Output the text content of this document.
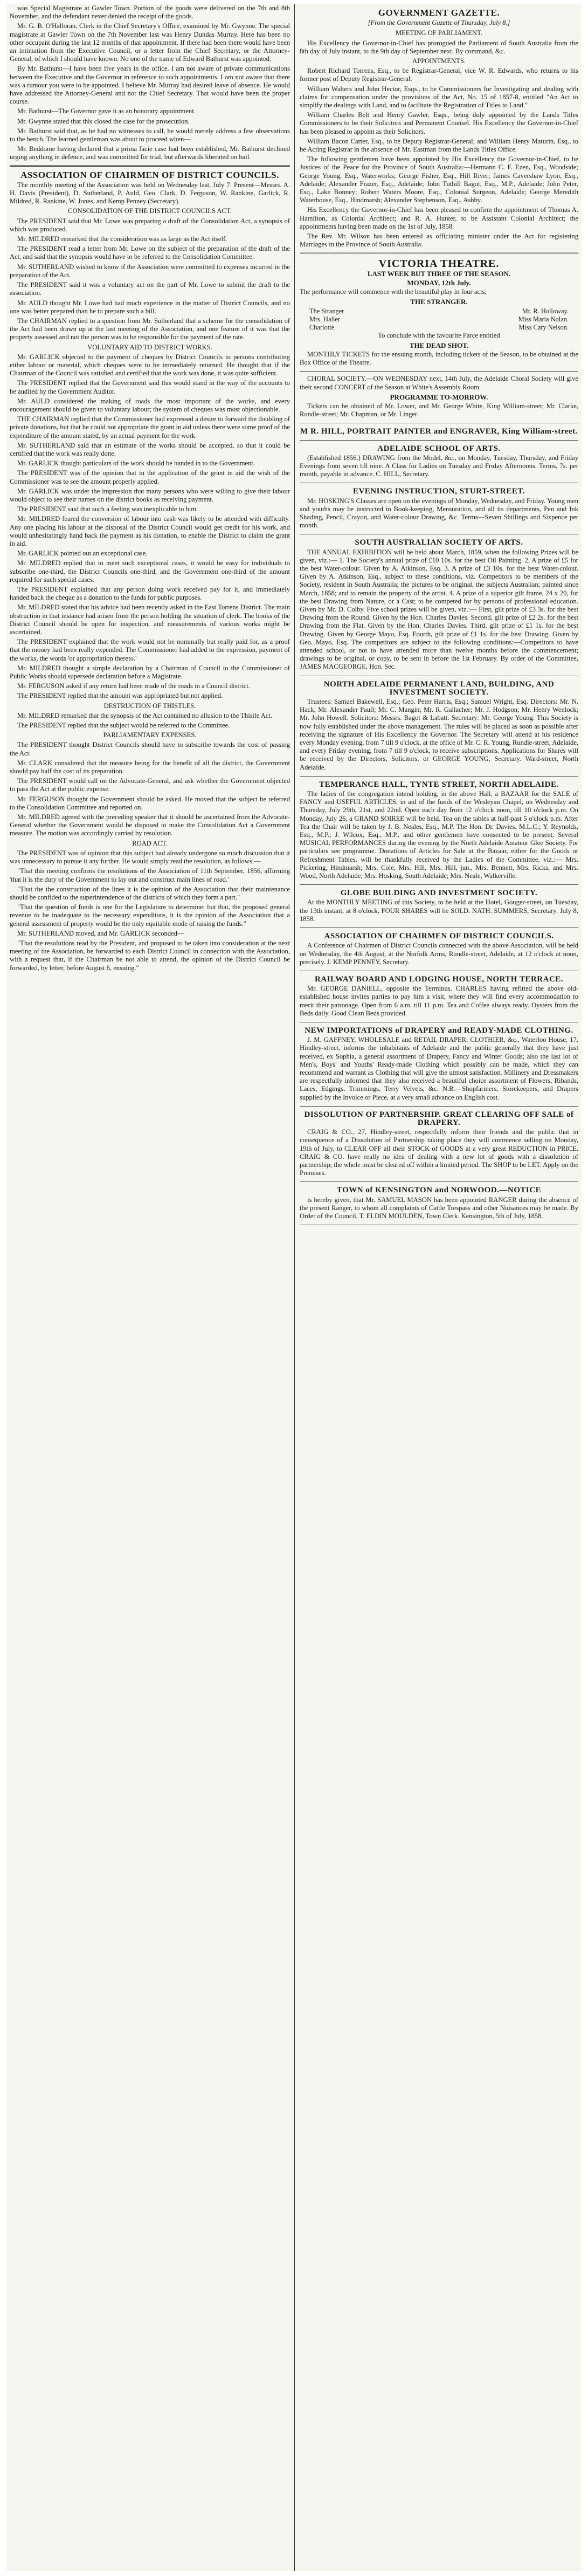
was Special Magistrate at Gawler Town. Portion of the goods were delivered on the 7th and 8th November, and the defendant never denied the receipt of the goods.

Mr. G. B. O'Halloran, Clerk in the Chief Secretary's Office, examined by Mr. Gwynne. The special magistrate at Gawler Town on the 7th November last was Henry Dundas Murray. Here has been no other occupant during the last 12 months of that appointment. If there had been there would have been an intimation from the Executive Council, or a letter from the Chief Secretary, or the Attorney-General, of which I should have known. No one of the name of Edward Bathurst was appointed.

By Mr. Bathurst—I have been five years in the office. I am not aware of private communications between the Executive and the Governor in reference to such appointments. I am not aware that there was a rumour you were to be appointed. I believe Mr. Murray had desired leave of absence. He would have addressed the Attorney-General and not the Chief Secretary. That would have been the proper course.

Mr. Bathurst—The Governor gave it as an honorary appointment.

Mr. Gwynne stated that this closed the case for the prosecution.

Mr. Bathurst said that, as he had no witnesses to call, he would merely address a few observations to the bench. The learned gentleman was about to proceed when—

Mr. Beddome having declared that a prima facie case had been established, Mr. Bathurst declined urging anything in defence, and was committed for trial, but afterwards liberated on bail.

ASSOCIATION OF CHAIRMEN OF DISTRICT COUNCILS.

The monthly meeting of the Association was held on Wednesday last, July 7. Present—Messrs. A. H. Davis (President), D. Sutherland, P. Auld, Geo. Clark, D. Ferguson, W. Rankine, Garlick, R. Mildred, R. Rankine, W. Jones, and Kemp Penney (Secretary).

CONSOLIDATION OF THE DISTRICT COUNCILS ACT.

The PRESIDENT said that Mr. Lowe was preparing a draft of the Consolidation Act, a synopsis of which was produced.

Mr. MILDRED remarked that the consideration was as large as the Act itself.

The PRESIDENT read a letter from Mr. Lowe on the subject of the preparation of the draft of the Act, and said that the synopsis would have to be referred to the Consolidation Committee.

Mr. SUTHERLAND wished to know if the Association were committed to expenses incurred in the preparation of the Act.

The PRESIDENT said it was a voluntary act on the part of Mr. Lowe to submit the draft to the association.

Mr. AULD thought Mr. Lowe had had much experience in the matter of District Councils, and no one was better prepared than he to prepare such a bill.

The CHAIRMAN replied to a question from Mr. Sutherland that a scheme for the consolidation of the Act had been drawn up at the last meeting of the Association, and one feature of it was that the property assessed and not the person was to be responsible for the payment of the rate.

VOLUNTARY AID TO DISTRICT WORKS.

Mr. GARLICK objected to the payment of cheques by District Councils to persons contributing either labour or material, which cheques were to be immediately returned. He thought that if the Chairman of the Council was satisfied and certified that the work was done, it was quite sufficient.

The PRESIDENT replied that the Government said this would stand in the way of the accounts to be audited by the Government Auditor.

Mr. AULD considered the making of roads the most important of the works, and every encouragement should be given to voluntary labour; the system of cheques was most objectionable.

THE CHAIRMAN replied that the Commissioner had expressed a desire to forward the doubling of private donations, but that he could not appropriate the grant in aid unless there were some proof of the expenditure of the amount stated, by an actual payment for the work.

Mr. SUTHERLAND said that an estimate of the works should be accepted, so that it could be certified that the work was really done.

Mr. GARLICK thought particulars of the work should be handed in to the Government.

The PRESIDENT was of the opinion that in the application of the grant in aid the wish of the Commissioner was to see the amount properly applied.

Mr. GARLICK was under the impression that many persons who were willing to give their labour would object to see their names on the district books as receiving payment.

The PRESIDENT said that such a feeling was inexplicable to him.

Mr. MILDRED feared the conversion of labour into cash was likely to be attended with difficulty. Any one placing his labour at the disposal of the District Council would get credit for his work, and would unhesitatingly hand back the payment as his donation, to enable the District to claim the grant in aid.

Mr. GARLICK pointed out an exceptional case.

Mr. MILDRED replied that to meet such exceptional cases, it would be easy for individuals to subscribe one-third, the District Councils one-third, and the Government one-third of the amount required for such special cases.

The PRESIDENT explained that any person doing work received pay for it, and immediately handed back the cheque as a donation to the funds for public purposes.

Mr. MILDRED stated that his advice had been recently asked in the East Torrens District. The main obstruction in that instance had arisen from the person holding the situation of clerk. The books of the District Council should be open for inspection, and measurements of various works might be ascertained.

The PRESIDENT explained that the work would not be nominally but really paid for, as a proof that the money had been really expended. The Commissioner had added to the expression, payment of the works, the words 'or appropriation thereto.'

Mr. MILDRED thought a simple declaration by a Chairman of Council to the Commissioner of Public Works should supersede declaration before a Magistrate.

Mr. FERGUSON asked if any return had been made of the roads in a Council district.

The PRESIDENT replied that the amount was appropriated but not applied.

DESTRUCTION OF THISTLES.

Mr. MILDRED remarked that the synopsis of the Act contained no allusion to the Thistle Act.

The PRESIDENT replied that the subject would be referred to the Committee.

PARLIAMENTARY EXPENSES.

The PRESIDENT thought District Councils should have to subscribe towards the cost of passing the Act.

Mr. CLARK considered that the measure being for the benefit of all the district, the Government should pay half the cost of its preparation.

The PRESIDENT would call on the Advocate-General, and ask whether the Government objected to pass the Act at the public expense.

Mr. FERGUSON thought the Government should be asked. He moved that the subject be referred to the Consolidation Committee and reported on.

Mr. MILDRED agreed with the preceding speaker that it should be ascertained from the Advocate-General whether the Government would be disposed to make the Consolidation Act a Government measure. The motion was accordingly carried by resolution.

ROAD ACT.

The PRESIDENT was of opinion that this subject had already undergone so much discussion that it was unnecessary to pursue it any further. He would simply read the resolution, as follows:—

"That this meeting confirms the resolutions of the Association of 11th September, 1856, affirming 'that it is the duty of the Government to lay out and construct main lines of road.'

"That the the construction of the lines it is the opinion of the Association that their maintenance should be confided to the superintendence of the districts of which they form a part."

"That the question of funds is one for the Legislature to determine; but that, the proposed general revenue to be inadequate to the necessary expenditure, it is the opinion of the Association that a general assessment of property would be the only equitable mode of raising the funds."

Mr. SUTHERLAND moved, and Mr. GARLICK seconded—

"That the resolutions read by the President, and proposed to be taken into consideration at the next meeting of the Association, be forwarded to each District Council in connection with the Association, with a request that, if the Chairman be not able to attend, the opinion of the District Council be forwarded, by letter, before August 6, ensuing."

GOVERNMENT GAZETTE.

[From the Government Gazette of Thursday, July 8.]

MEETING OF PARLIAMENT.

His Excellency the Governor-in-Chief has prorogued the Parliament of South Australia from the 8th day of July instant, to the 9th day of September next. By command, &c.

APPOINTMENTS.

Robert Richard Torrens, Esq., to be Registrar-General, vice W. R. Edwards, who returns to his former post of Deputy Registrar-General.

William Walters and John Hector, Esqs., to be Commissioners for Investigating and dealing with claims for compensation under the provisions of the Act, No. 15 of 1857-8, entitled "An Act to simplify the dealings with Land, and to facilitate the Registration of Titles to Land."

William Charles Belt and Henry Gawler, Esqs., being duly appointed by the Lands Titles Commissioners to be their Solicitors and Permanent Counsel. His Excellency the Governor-in-Chief has been pleased to appoint as their Solicitors.

William Bacon Carter, Esq., to be Deputy Registrar-General; and William Henry Maturin, Esq., to be Acting Registrar in the absence of Mr. Eastman from the Lands Titles Office.

The following gentlemen have been appointed by His Excellency the Governor-in-Chief, to be Justices of the Peace for the Province of South Australia:—Hermann C. F. Ezen, Esq., Woodside; George Young, Esq., Waterworks; George Fisher, Esq., Hill River; James Cavershaw Lyon, Esq., Adelaide; Alexander Frazer, Esq., Adelaide; John Tuthill Bagot, Esq., M.P., Adelaide; John Peter, Esq., Lake Bonney; Robert Waters Moore, Esq., Colonial Surgeon, Adelaide; George Meredith Waterhouse, Esq., Hindmarsh; Alexander Stephenson, Esq., Ashby.

His Excellency the Governor-in-Chief has been pleased to confirm the appointment of Thomas A. Hamilton, as Colonial Architect; and R. A. Hunter, to be Assistant Colonial Architect; the appointments having been made on the 1st of July, 1858.

The Rev. Mr. Wilson has been entered as officiating minister under the Act for registering Marriages in the Province of South Australia.

VICTORIA THEATRE.

LAST WEEK BUT THREE OF THE SEASON.

MONDAY, 12th July.

The performance will commence with the beautiful play in four acts,

THE STRANGER.

The Stranger	Mr. R. Holloway.
Mrs. Haller	Miss Maria Nolan.
Charlotte	Miss Cary Nelson.

To conclude with the favourite Farce entitled

THE DEAD SHOT.

MONTHLY TICKETS for the ensuing month, including tickets of the Season, to be obtained at the Box Office of the Theatre.

CHORAL SOCIETY.—ON WEDNESDAY next, 14th July, the Adelaide Choral Society will give their second CONCERT of the Season at White's Assembly Room.

PROGRAMME TO-MORROW.

Tickets can be obtained of Mr. Lower, and Mr. George White, King William-street; Mr. Clarke, Rundle-street; Mr. Chapman, or Mr. Linger.

M R. HILL, PORTRAIT PAINTER and ENGRAVER, King William-street.

ADELAIDE SCHOOL OF ARTS.

(Established 1856.) DRAWING from the Model, &c., on Monday, Tuesday, Thursday, and Friday Evenings from seven till nine. A Class for Ladies on Tuesday and Friday Afternoons. Terms, 7s. per month, payable in advance. C. HILL, Secretary.

EVENING INSTRUCTION, STURT-STREET.

Mr. HOSKING'S Classes are open on the evenings of Monday, Wednesday, and Friday. Young men and youths may be instructed in Book-keeping, Mensuration, and all its departments, Pen and Ink Shading, Pencil, Crayon, and Water-colour Drawing, &c. Terms—Seven Shillings and Sixpence per month.

SOUTH AUSTRALIAN SOCIETY OF ARTS.

THE ANNUAL EXHIBITION will be held about March, 1859, when the following Prizes will be given, viz.:— 1. The Society's annual prize of £10 10s. for the best Oil Painting. 2. A prize of £5 for the best Water-colour. Given by A. Atkinson, Esq. 3. A prize of £3 10s. for the best Water-colour. Given by A. Atkinson, Esq., subject to these conditions, viz. Competitors to be members of the Society, resident in South Australia; the pictures to be original, the subjects Australian; painted since March, 1858; and to remain the property of the artist. 4. A prize of a superior gilt frame, 24 x 20, for the best Drawing from Nature, or a Cast; to be competed for by persons of professional education. Given by Mr. D. Colby. Five school prizes will be given, viz.:— First, gilt prize of £3 3s. for the best Drawing from the Round. Given by the Hon. Charles Davies. Second, gilt prize of £2 2s. for the best Drawing from the Flat. Given by the Hon. Charles Davies. Third, gilt prize of £1 1s. for the best Drawing. Given by George Mayo, Esq. Fourth, gilt prize of £1 1s. for the best Drawing. Given by Geo. Mayo, Esq. The competitors are subject to the following conditions:—Competitors to have attended school, or not to have attended more than twelve months before the commencement; drawings to be original, or copy, to be sent in before the 1st February. By order of the Committee, JAMES MACGEORGE, Hon. Sec.

NORTH ADELAIDE PERMANENT LAND, BUILDING, AND INVESTMENT SOCIETY.

Trustees: Samuel Bakewell, Esq.; Geo. Peter Harris, Esq.; Samuel Wright, Esq. Directors: Mr. N. Hack; Mr. Alexander Paull; Mr. C. Mangin; Mr. R. Gallacher; Mr. J. Hodgson; Mr. Henry Wenlock; Mr. John Howell. Solicitors: Messrs. Bagot & Labatt. Secretary: Mr. George Young. This Society is now fully established under the above management. The rules will be placed as soon as possible after receiving the signature of His Excellency the Governor. The Secretary will attend at his residence every Monday evening, from 7 till 9 o'clock, at the office of Mr. C. R. Young, Rundle-street, Adelaide, and every Friday evening, from 7 till 9 o'clock, to receive subscriptions. Applications for Shares will be received by the Directors, Solicitors, or GEORGE YOUNG, Secretary. Ward-street, North Adelaide.

TEMPERANCE HALL, TYNTE STREET, NORTH ADELAIDE.

The ladies of the congregation intend holding, in the above Hall, a BAZAAR for the SALE of FANCY and USEFUL ARTICLES, in aid of the funds of the Wesleyan Chapel, on Wednesday and Thursday, July 29th, 21st, and 22nd. Open each day from 12 o'clock noon, till 10 o'clock p.m. On Monday, July 26, a GRAND SOIREE will be held. Tea on the tables at half-past 5 o'clock p.m. After Tea the Chair will be taken by J. B. Neales, Esq., M.P. The Hon. Dr. Davies, M.L.C.; Y. Reynolds, Esq., M.P.; J. Wilcox, Esq., M.P., and other gentlemen have consented to be present. Several MUSICAL PERFORMANCES during the evening by the North Adelaide Amateur Glee Society. For particulars see programme. Donations of Articles for Sale at the Bazaar, either for the Goods or Refreshment Tables, will be thankfully received by the Ladies of the Committee, viz.:— Mrs. Pickering, Hindmarsh; Mrs. Cole, Mrs. Hill, Mrs. Hill, jun., Mrs. Bennett, Mrs. Ricks, and Mrs. Wood, North Adelaide; Mrs. Hosking, South Adelaide; Mrs. Neale, Walkerville.

GLOBE BUILDING AND INVESTMENT SOCIETY.

At the MONTHLY MEETING of this Society, to be held at the Hotel, Gouger-street, on Tuesday, the 13th instant, at 8 o'clock, FOUR SHARES will be SOLD. NATH. SUMMERS, Secretary. July 8, 1858.

ASSOCIATION OF CHAIRMEN OF DISTRICT COUNCILS.

A Conference of Chairmen of District Councils connected with the above Association, will be held on Wednesday, the 4th August, at the Norfolk Arms, Rundle-street, Adelaide, at 12 o'clock at noon, precisely. J. KEMP PENNEY, Secretary.

RAILWAY BOARD AND LODGING HOUSE, NORTH TERRACE.

Mr. GEORGE DANIELL, opposite the Terminus. CHARLES having refitted the above old-established house invites parties to pay him a visit, where they will find every accommodation to merit their patronage. Open from 6 a.m. till 11 p.m. Tea and Coffee always ready. Oysters from the Beds daily. Good Clean Beds provided.

NEW IMPORTATIONS of DRAPERY and READY-MADE CLOTHING.

J. M. GAFFNEY, WHOLESALE and RETAIL DRAPER, CLOTHIER, &c., Waterloo House, 17, Hindley-street, informs the inhabitants of Adelaide and the public generally that they have just received, ex Sophia, a general assortment of Drapery, Fancy and Winter Goods; also the last lot of Men's, Boys' and Youths' Ready-made Clothing which possibly can be made, which they can recommend and warrant as Clothing that will give the utmost satisfaction. Millinery and Dressmakers are respectfully informed that they also received a beautiful choice assortment of Flowers, Ribands, Laces, Edgings, Trimmings, Terry Velvets, &c. N.B.—Shopfarmers, Storekeepers, and Drapers supplied by the Invoice or Piece, at a very small advance on English cost.

DISSOLUTION OF PARTNERSHIP. GREAT CLEARING OFF SALE of DRAPERY.

CRAIG & CO., 27, Hindley-street, respectfully inform their friends and the public that in consequence of a Dissolution of Partnership taking place they will commence selling on Monday, 19th of July, to CLEAR OFF all their STOCK of GOODS at a very great REDUCTION in PRICE. CRAIG & CO. have really no idea of dealing with a new lot of goods with a dissolution of partnership; the whole must be cleared off within a limited period. The SHOP to be LET. Apply on the Premises.

TOWN of KENSINGTON and NORWOOD.—NOTICE

is hereby given, that Mr. SAMUEL MASON has been appointed RANGER during the absence of the present Ranger, to whom all complaints of Cattle Trespass and other Nuisances may be made. By Order of the Council, T. ELDIN MOULDEN, Town Clerk. Kensington, 5th of July, 1858.
